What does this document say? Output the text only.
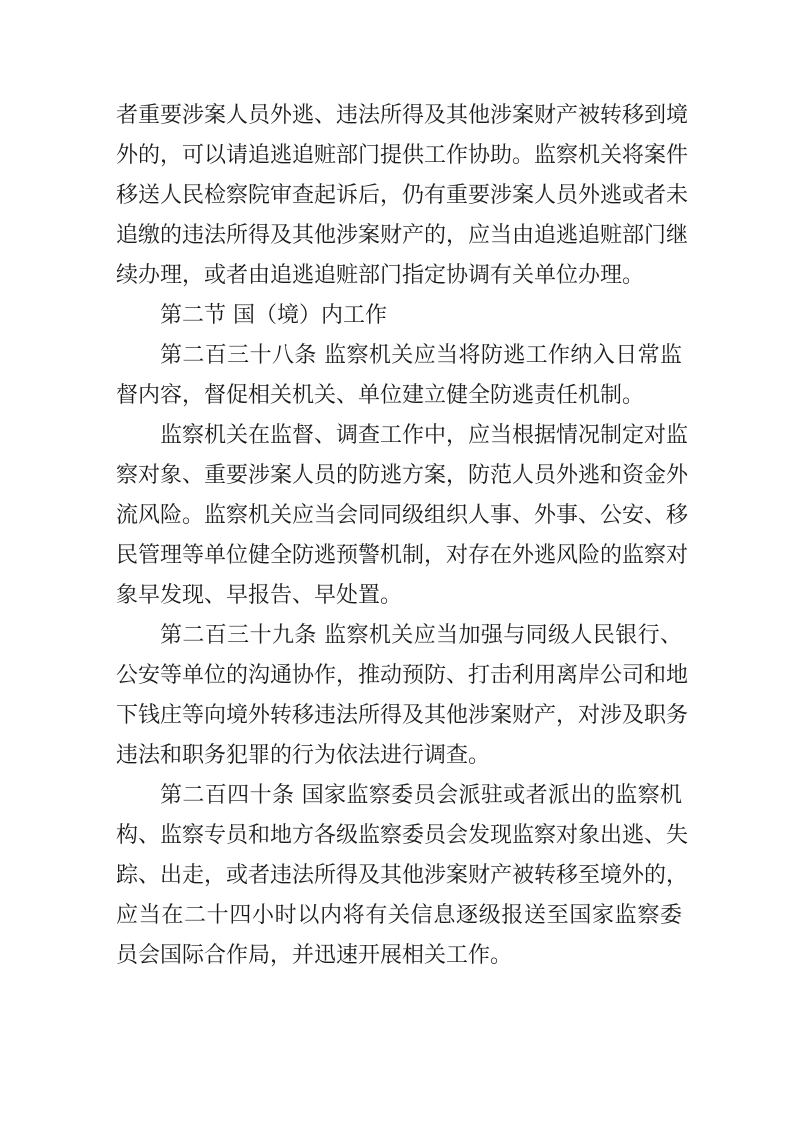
者重要涉案人员外逃、违法所得及其他涉案财产被转移到境
外的，可以请追逃追赃部门提供工作协助。监察机关将案件
移送人民检察院审查起诉后，仍有重要涉案人员外逃或者未
追缴的违法所得及其他涉案财产的，应当由追逃追赃部门继
续办理，或者由追逃追赃部门指定协调有关单位办理。
第二节 国（境）内工作
第二百三十八条 监察机关应当将防逃工作纳入日常监
督内容，督促相关机关、单位建立健全防逃责任机制。
监察机关在监督、调查工作中，应当根据情况制定对监
察对象、重要涉案人员的防逃方案，防范人员外逃和资金外
流风险。监察机关应当会同同级组织人事、外事、公安、移
民管理等单位健全防逃预警机制，对存在外逃风险的监察对
象早发现、早报告、早处置。
第二百三十九条 监察机关应当加强与同级人民银行、
公安等单位的沟通协作，推动预防、打击利用离岸公司和地
下钱庄等向境外转移违法所得及其他涉案财产，对涉及职务
违法和职务犯罪的行为依法进行调查。
第二百四十条 国家监察委员会派驻或者派出的监察机
构、监察专员和地方各级监察委员会发现监察对象出逃、失
踪、出走，或者违法所得及其他涉案财产被转移至境外的，
应当在二十四小时以内将有关信息逐级报送至国家监察委
员会国际合作局，并迅速开展相关工作。
